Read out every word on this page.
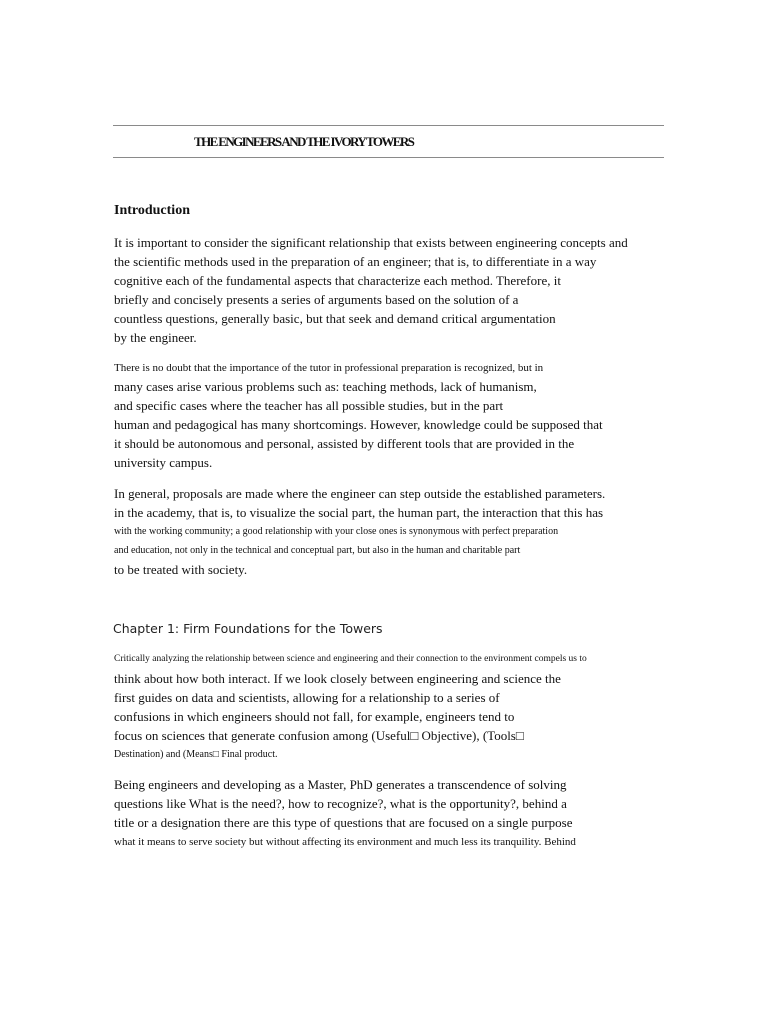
THE ENGINEERS AND THE IVORY TOWERS
Introduction
It is important to consider the significant relationship that exists between engineering concepts and
the scientific methods used in the preparation of an engineer; that is, to differentiate in a way
cognitive each of the fundamental aspects that characterize each method. Therefore, it
briefly and concisely presents a series of arguments based on the solution of a
countless questions, generally basic, but that seek and demand critical argumentation
by the engineer.
There is no doubt that the importance of the tutor in professional preparation is recognized, but in
many cases arise various problems such as: teaching methods, lack of humanism,
and specific cases where the teacher has all possible studies, but in the part
human and pedagogical has many shortcomings. However, knowledge could be supposed that
it should be autonomous and personal, assisted by different tools that are provided in the
university campus.
In general, proposals are made where the engineer can step outside the established parameters.
in the academy, that is, to visualize the social part, the human part, the interaction that this has
with the working community; a good relationship with your close ones is synonymous with perfect preparation
and education, not only in the technical and conceptual part, but also in the human and charitable part
to be treated with society.
Chapter 1: Firm Foundations for the Towers
Critically analyzing the relationship between science and engineering and their connection to the environment compels us to
think about how both interact. If we look closely between engineering and science the
first guides on data and scientists, allowing for a relationship to a series of
confusions in which engineers should not fall, for example, engineers tend to
focus on sciences that generate confusion among (Useful□ Objective), (Tools□
Destination) and (Means□ Final product.
Being engineers and developing as a Master, PhD generates a transcendence of solving
questions like What is the need?, how to recognize?, what is the opportunity?, behind a
title or a designation there are this type of questions that are focused on a single purpose
what it means to serve society but without affecting its environment and much less its tranquility. Behind
